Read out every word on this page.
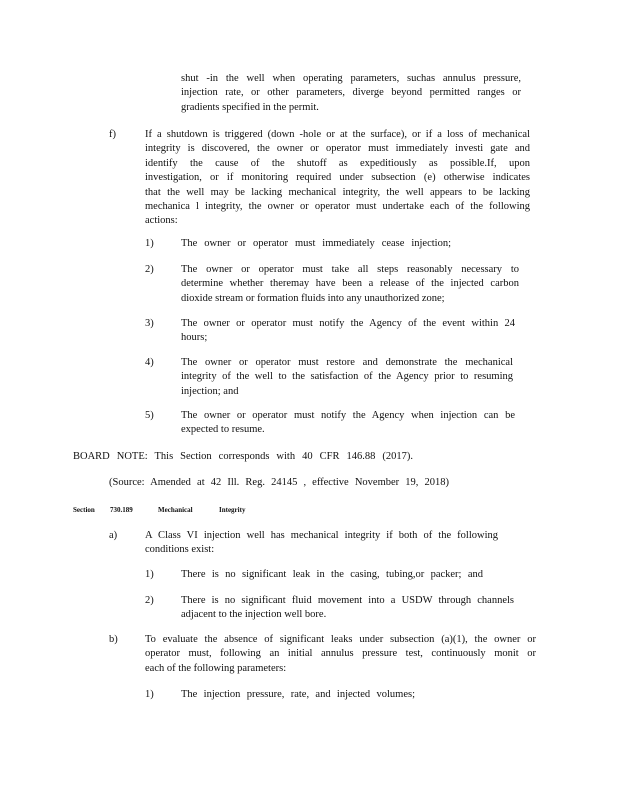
shut -in the well when operating parameters, suchas annulus pressure,
injection rate, or other parameters, diverge beyond permitted ranges or
gradients specified in the permit.
f)	If a shutdown is triggered (down -hole or at the surface), or if a loss of mechanical
integrity is discovered, the owner or operator must immediately investi gate and
identify the cause of the shutoff as expeditiously as possible.If, upon
investigation, or if monitoring required under subsection (e) otherwise indicates
that the well may be lacking mechanical integrity, the well appears to be lacking
mechanica l integrity, the owner or operator must undertake each of the following
actions:
1)	The owner or operator must immediately cease injection;
2)	The owner or operator must take all steps reasonably necessary to
determine whether theremay have been a release of the injected carbon
dioxide stream or formation fluids into any unauthorized zone;
3)	The owner or operator must notify the Agency of the event within 24
hours;
4)	The owner or operator must restore and demonstrate the mechanical
integrity of the well to the satisfaction of the Agency prior to resuming
injection; and
5)	The owner or operator must notify the Agency when injection can be
expected to resume.
BOARD NOTE: This Section corresponds with 40 CFR 146.88 (2017).
(Source: Amended at 42 Ill. Reg. 24145 , effective November 19, 2018)
Section 730.189	Mechanical	Integrity
a)	A Class VI injection well has mechanical integrity if both of the following
conditions exist:
1)	There is no significant leak in the casing, tubing,or packer; and
2)	There is no significant fluid movement into a USDW through channels
adjacent to the injection well bore.
b)	To evaluate the absence of significant leaks under subsection (a)(1), the owner or
operator must, following an initial annulus pressure test, continuously monit or
each of the following parameters:
1)	The injection pressure, rate, and injected volumes;
